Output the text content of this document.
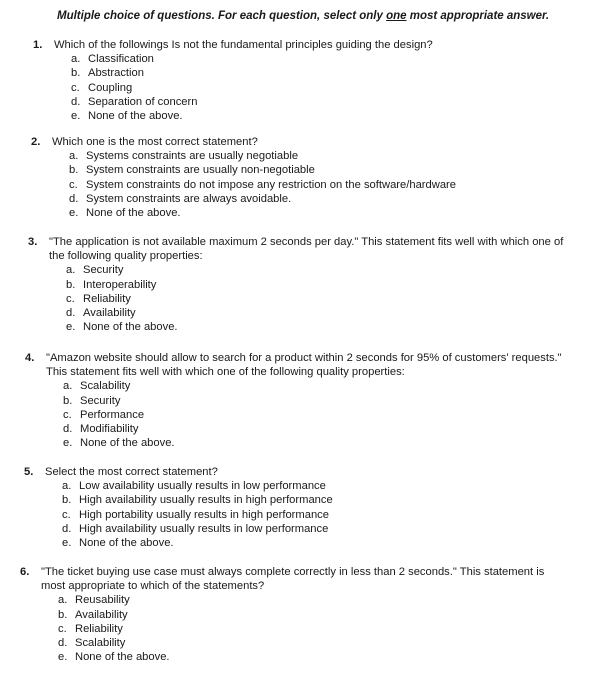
Multiple choice of questions. For each question, select only one most appropriate answer.
1. Which of the followings Is not the fundamental principles guiding the design?
a. Classification
b. Abstraction
c. Coupling
d. Separation of concern
e. None of the above.
2. Which one is the most correct statement?
a. Systems constraints are usually negotiable
b. System constraints are usually non-negotiable
c. System constraints do not impose any restriction on the software/hardware
d. System constraints are always avoidable.
e. None of the above.
3. "The application is not available maximum 2 seconds per day." This statement fits well with which one of
the following quality properties:
a. Security
b. Interoperability
c. Reliability
d. Availability
e. None of the above.
4. "Amazon website should allow to search for a product within 2 seconds for 95% of customers' requests."
This statement fits well with which one of the following quality properties:
a. Scalability
b. Security
c. Performance
d. Modifiability
e. None of the above.
5. Select the most correct statement?
a. Low availability usually results in low performance
b. High availability usually results in high performance
c. High portability usually results in high performance
d. High availability usually results in low performance
e. None of the above.
6. "The ticket buying use case must always complete correctly in less than 2 seconds." This statement is
most appropriate to which of the statements?
a. Reusability
b. Availability
c. Reliability
d. Scalability
e. None of the above.
